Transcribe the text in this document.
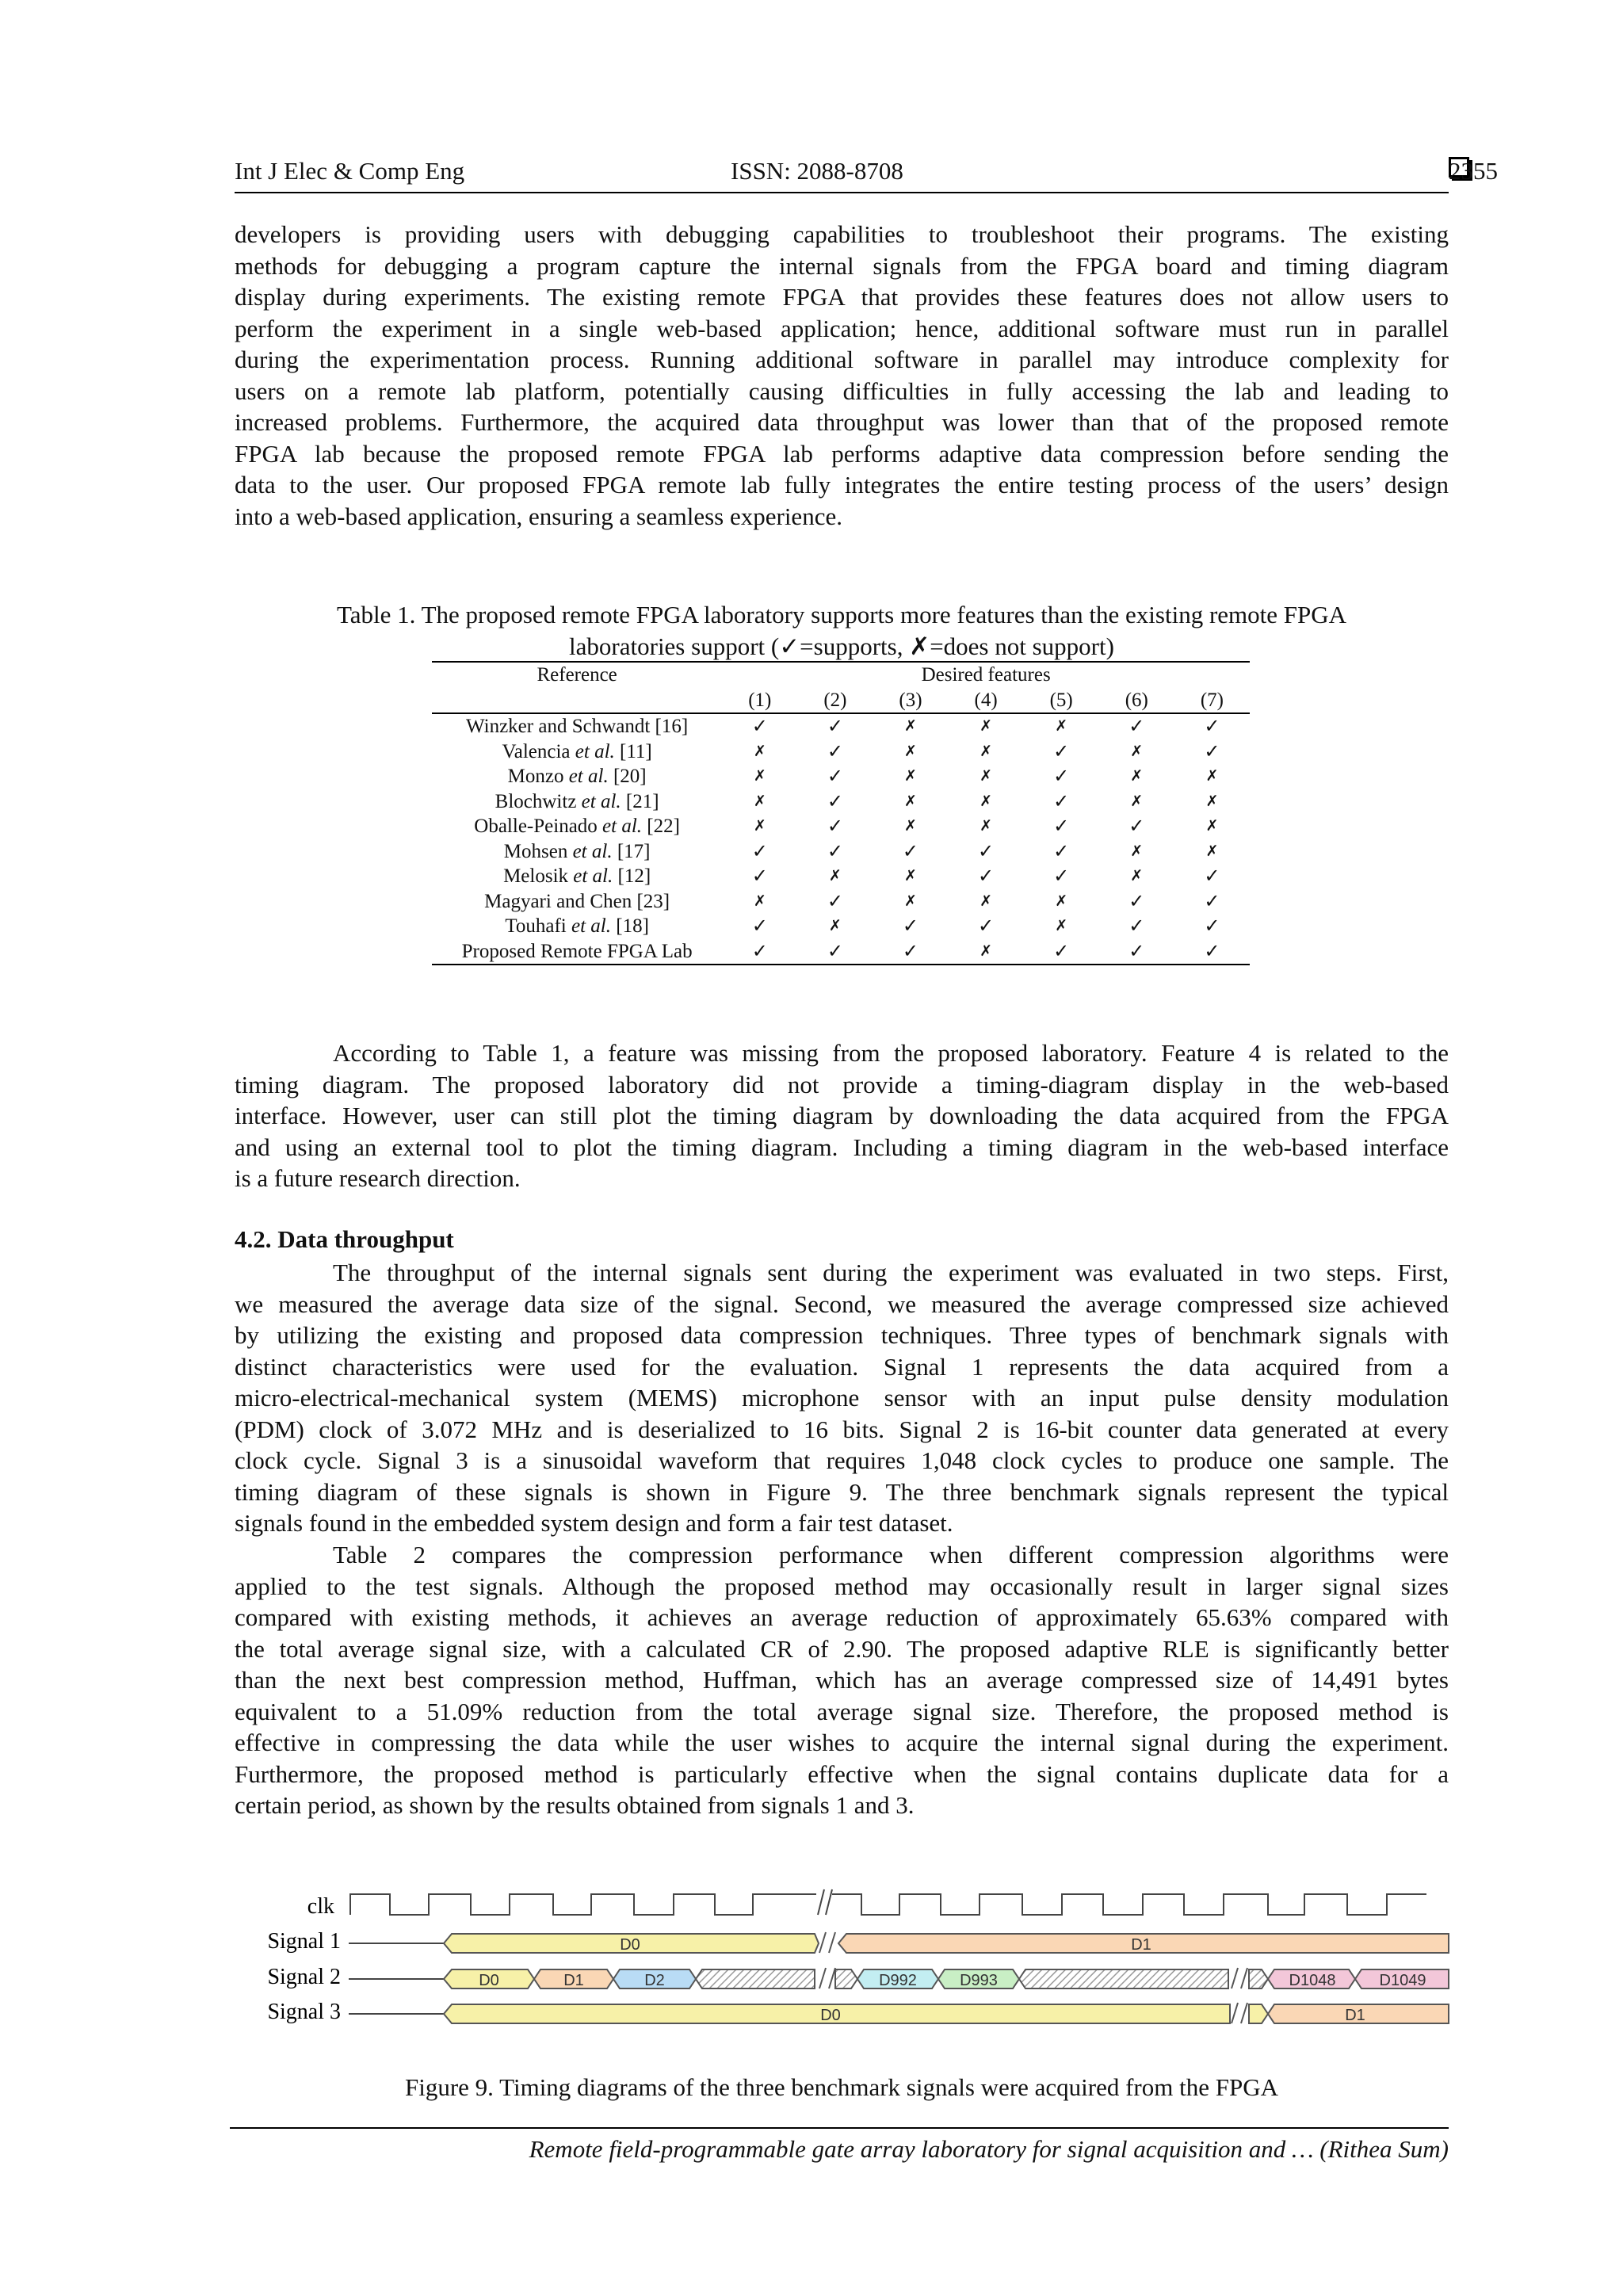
Int J Elec & Comp Eng	ISSN: 2088-8708	2355
developers is providing users with debugging capabilities to troubleshoot their programs. The existing
methods for debugging a program capture the internal signals from the FPGA board and timing diagram
display during experiments. The existing remote FPGA that provides these features does not allow users to
perform the experiment in a single web-based application; hence, additional software must run in parallel
during the experimentation process. Running additional software in parallel may introduce complexity for
users on a remote lab platform, potentially causing difficulties in fully accessing the lab and leading to
increased problems. Furthermore, the acquired data throughput was lower than that of the proposed remote
FPGA lab because the proposed remote FPGA lab performs adaptive data compression before sending the
data to the user. Our proposed FPGA remote lab fully integrates the entire testing process of the users’ design
into a web-based application, ensuring a seamless experience.
Table 1. The proposed remote FPGA laboratory supports more features than the existing remote FPGA
laboratories support (✓=supports, ✗=does not support)
Reference	Desired features						
	(1)	(2)	(3)	(4)	(5)	(6)	(7)
Winzker and Schwandt [16]	✓	✓	✗	✗	✗	✓	✓
Valencia et al. [11]	✗	✓	✗	✗	✓	✗	✓
Monzo et al. [20]	✗	✓	✗	✗	✓	✗	✗
Blochwitz et al. [21]	✗	✓	✗	✗	✓	✗	✗
Oballe-Peinado et al. [22]	✗	✓	✗	✗	✓	✓	✗
Mohsen et al. [17]	✓	✓	✓	✓	✓	✗	✗
Melosik et al. [12]	✓	✗	✗	✓	✓	✗	✓
Magyari and Chen [23]	✗	✓	✗	✗	✗	✓	✓
Touhafi et al. [18]	✓	✗	✓	✓	✗	✓	✓
Proposed Remote FPGA Lab	✓	✓	✓	✗	✓	✓	✓
According to Table 1, a feature was missing from the proposed laboratory. Feature 4 is related to the
timing diagram. The proposed laboratory did not provide a timing-diagram display in the web-based
interface. However, user can still plot the timing diagram by downloading the data acquired from the FPGA
and using an external tool to plot the timing diagram. Including a timing diagram in the web-based interface
is a future research direction.
4.2. Data throughput
The throughput of the internal signals sent during the experiment was evaluated in two steps. First,
we measured the average data size of the signal. Second, we measured the average compressed size achieved
by utilizing the existing and proposed data compression techniques. Three types of benchmark signals with
distinct characteristics were used for the evaluation. Signal 1 represents the data acquired from a
micro-electrical-mechanical system (MEMS) microphone sensor with an input pulse density modulation
(PDM) clock of 3.072 MHz and is deserialized to 16 bits. Signal 2 is 16-bit counter data generated at every
clock cycle. Signal 3 is a sinusoidal waveform that requires 1,048 clock cycles to produce one sample. The
timing diagram of these signals is shown in Figure 9. The three benchmark signals represent the typical
signals found in the embedded system design and form a fair test dataset.
Table 2 compares the compression performance when different compression algorithms were
applied to the test signals. Although the proposed method may occasionally result in larger signal sizes
compared with existing methods, it achieves an average reduction of approximately 65.63% compared with
the total average signal size, with a calculated CR of 2.90. The proposed adaptive RLE is significantly better
than the next best compression method, Huffman, which has an average compressed size of 14,491 bytes
equivalent to a 51.09% reduction from the total average signal size. Therefore, the proposed method is
effective in compressing the data while the user wishes to acquire the internal signal during the experiment.
Furthermore, the proposed method is particularly effective when the signal contains duplicate data for a
certain period, as shown by the results obtained from signals 1 and 3.
clk
Signal 1
Signal 2
Signal 3
D0	D1
D0	D1	D2	D992	D993	D1048	D1049
D0	D1
Figure 9. Timing diagrams of the three benchmark signals were acquired from the FPGA
Remote field-programmable gate array laboratory for signal acquisition and … (Rithea Sum)
